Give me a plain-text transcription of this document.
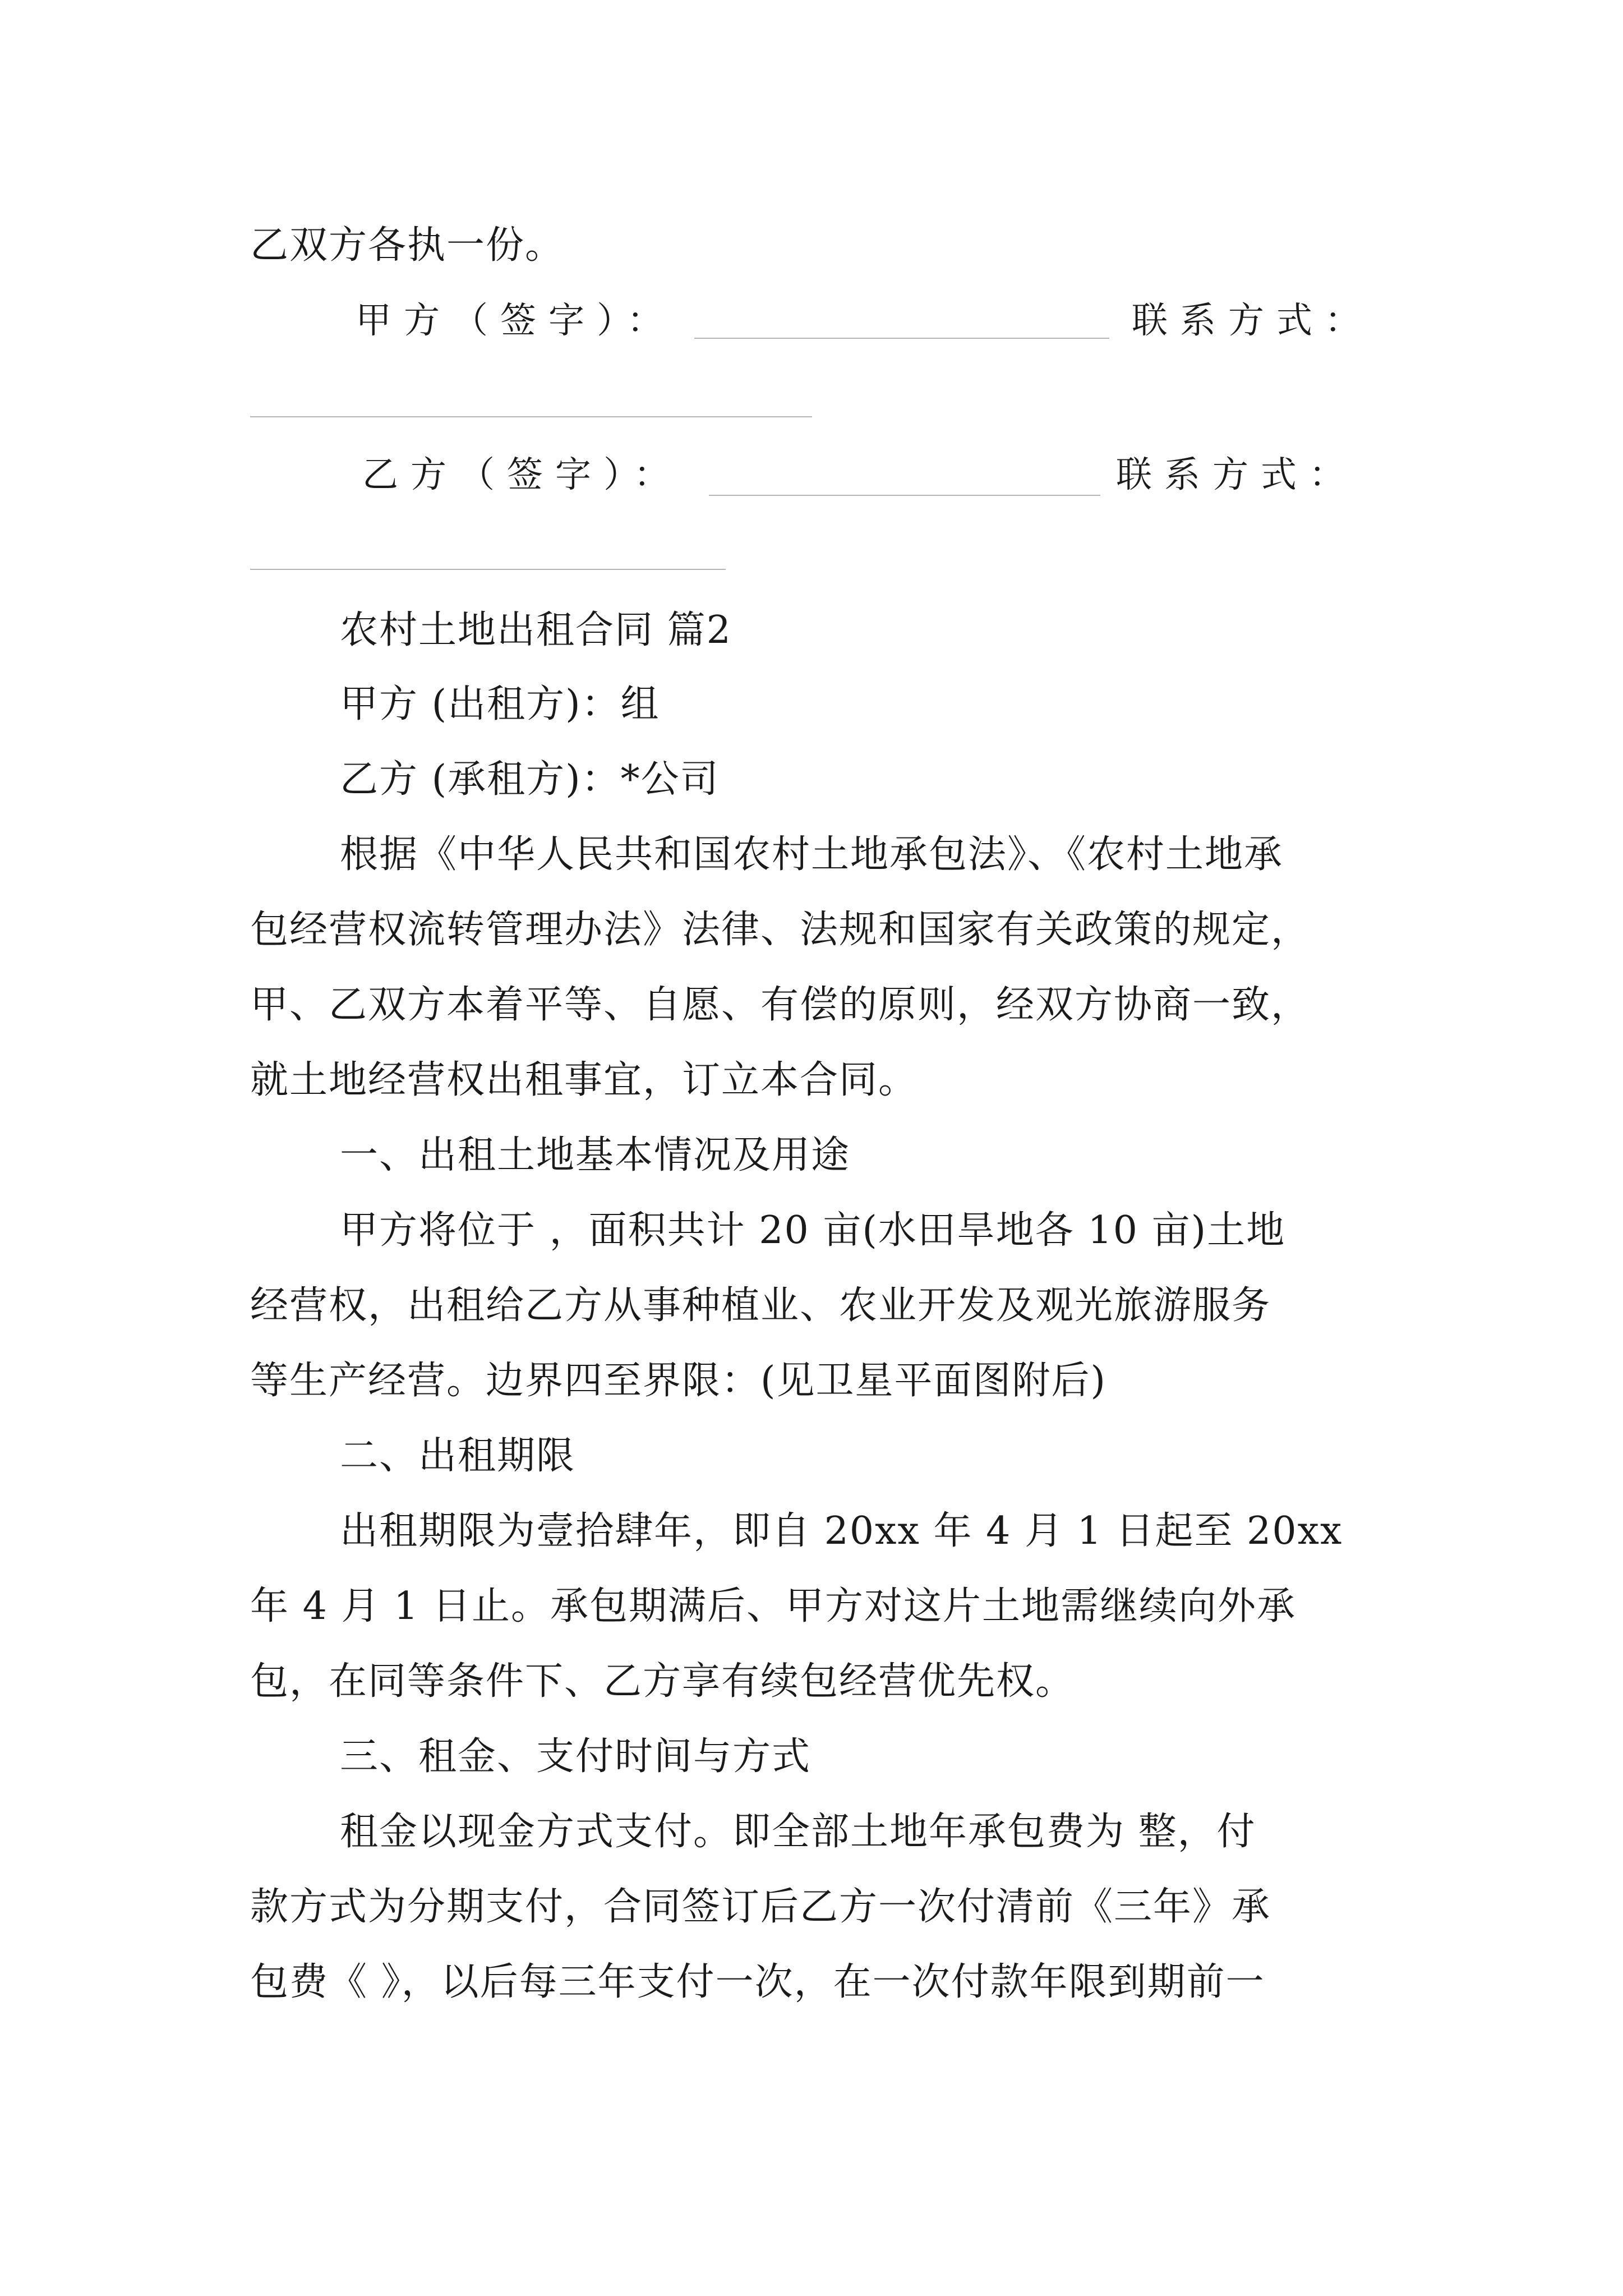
乙双方各执一份。

甲方（签字）：	联系方式：

乙方（签字）：	联系方式：

农村土地出租合同 篇2

甲方 (出租方)：组

乙方 (承租方)：*公司

根据《中华人民共和国农村土地承包法》、《农村土地承

包经营权流转管理办法》法律、法规和国家有关政策的规定，

甲、乙双方本着平等、自愿、有偿的原则，经双方协商一致，

就土地经营权出租事宜，订立本合同。

一、出租土地基本情况及用途

甲方将位于 ，面积共计 20 亩(水田旱地各 10 亩)土地

经营权，出租给乙方从事种植业、农业开发及观光旅游服务

等生产经营。边界四至界限：(见卫星平面图附后)

二、出租期限

出租期限为壹拾肆年，即自 20xx 年 4 月 1 日起至 20xx

年 4 月 1 日止。承包期满后、甲方对这片土地需继续向外承

包，在同等条件下、乙方享有续包经营优先权。

三、租金、支付时间与方式

租金以现金方式支付。即全部土地年承包费为 整，付

款方式为分期支付，合同签订后乙方一次付清前《三年》承

包费《 》，以后每三年支付一次，在一次付款年限到期前一
